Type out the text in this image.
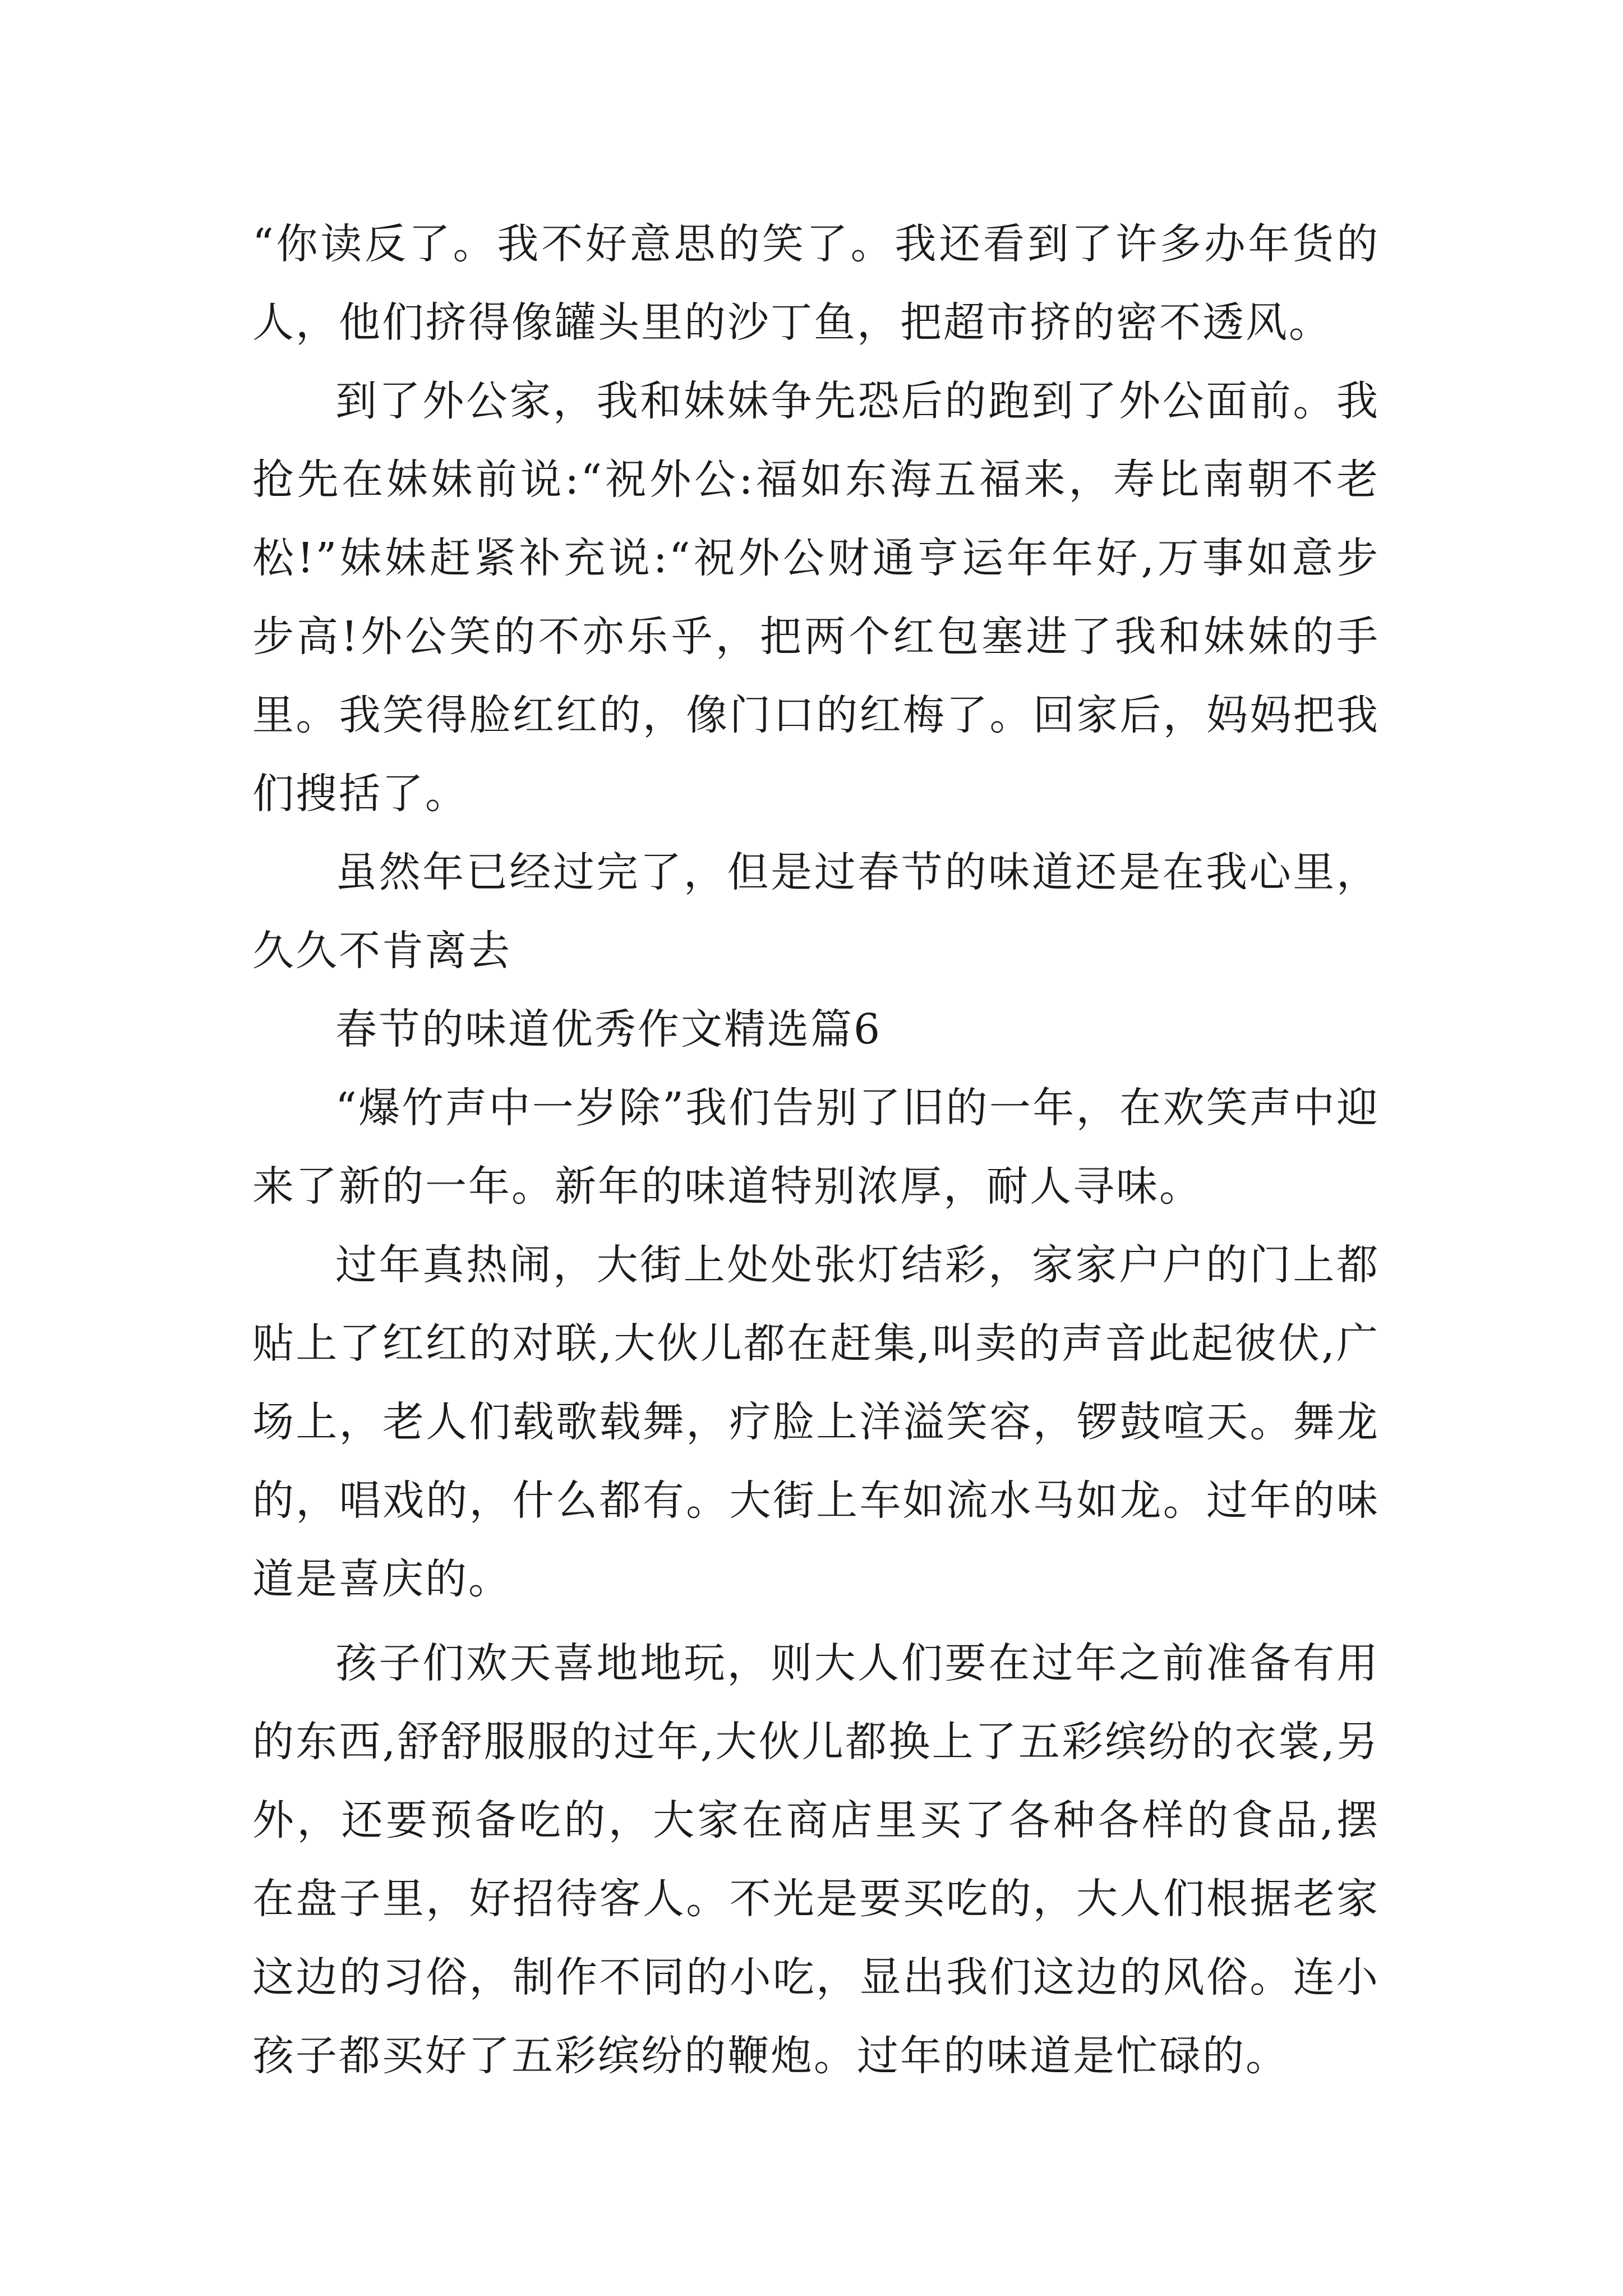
“你读反了。我不好意思的笑了。我还看到了许多办年货的人，他们挤得像罐头里的沙丁鱼，把超市挤的密不透风。

到了外公家，我和妹妹争先恐后的跑到了外公面前。我抢先在妹妹前说:“祝外公:福如东海五福来，寿比南朝不老松!”妹妹赶紧补充说:“祝外公财通亨运年年好,万事如意步步高!外公笑的不亦乐乎，把两个红包塞进了我和妹妹的手里。我笑得脸红红的，像门口的红梅了。回家后，妈妈把我们搜括了。

虽然年已经过完了，但是过春节的味道还是在我心里，久久不肯离去

春节的味道优秀作文精选篇6

“爆竹声中一岁除”我们告别了旧的一年，在欢笑声中迎来了新的一年。新年的味道特别浓厚，耐人寻味。

过年真热闹，大街上处处张灯结彩，家家户户的门上都贴上了红红的对联,大伙儿都在赶集,叫卖的声音此起彼伏,广场上，老人们载歌载舞，疗脸上洋溢笑容，锣鼓喧天。舞龙的，唱戏的，什么都有。大街上车如流水马如龙。过年的味道是喜庆的。

孩子们欢天喜地地玩，则大人们要在过年之前准备有用的东西,舒舒服服的过年,大伙儿都换上了五彩缤纷的衣裳,另外，还要预备吃的，大家在商店里买了各种各样的食品,摆在盘子里，好招待客人。不光是要买吃的，大人们根据老家这边的习俗，制作不同的小吃，显出我们这边的风俗。连小孩子都买好了五彩缤纷的鞭炮。过年的味道是忙碌的。
